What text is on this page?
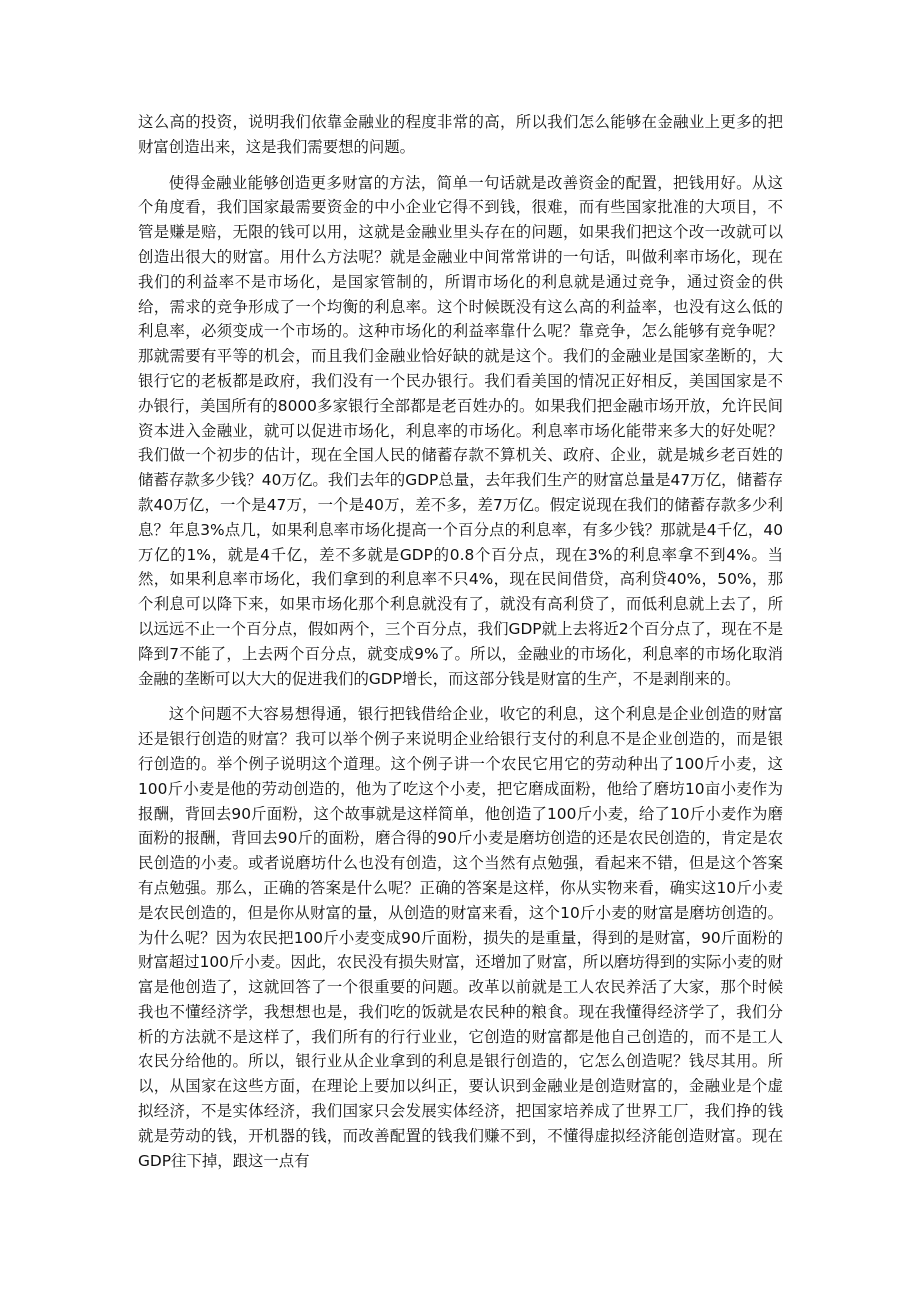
这么高的投资，说明我们依靠金融业的程度非常的高，所以我们怎么能够在金融业上更多的把财富创造出来，这是我们需要想的问题。

使得金融业能够创造更多财富的方法，简单一句话就是改善资金的配置，把钱用好。从这个角度看，我们国家最需要资金的中小企业它得不到钱，很难，而有些国家批准的大项目，不管是赚是赔，无限的钱可以用，这就是金融业里头存在的问题，如果我们把这个改一改就可以创造出很大的财富。用什么方法呢？就是金融业中间常常讲的一句话，叫做利率市场化，现在我们的利益率不是市场化，是国家管制的，所谓市场化的利息就是通过竞争，通过资金的供给，需求的竞争形成了一个均衡的利息率。这个时候既没有这么高的利益率，也没有这么低的利息率，必须变成一个市场的。这种市场化的利益率靠什么呢？靠竞争，怎么能够有竞争呢？那就需要有平等的机会，而且我们金融业恰好缺的就是这个。我们的金融业是国家垄断的，大银行它的老板都是政府，我们没有一个民办银行。我们看美国的情况正好相反，美国国家是不办银行，美国所有的8000多家银行全部都是老百姓办的。如果我们把金融市场开放，允许民间资本进入金融业，就可以促进市场化，利息率的市场化。利息率市场化能带来多大的好处呢？我们做一个初步的估计，现在全国人民的储蓄存款不算机关、政府、企业，就是城乡老百姓的储蓄存款多少钱？40万亿。我们去年的GDP总量，去年我们生产的财富总量是47万亿，储蓄存款40万亿，一个是47万，一个是40万，差不多，差7万亿。假定说现在我们的储蓄存款多少利息？年息3%点几，如果利息率市场化提高一个百分点的利息率，有多少钱？那就是4千亿，40万亿的1%，就是4千亿，差不多就是GDP的0.8个百分点，现在3%的利息率拿不到4%。当然，如果利息率市场化，我们拿到的利息率不只4%，现在民间借贷，高利贷40%，50%，那个利息可以降下来，如果市场化那个利息就没有了，就没有高利贷了，而低利息就上去了，所以远远不止一个百分点，假如两个，三个百分点，我们GDP就上去将近2个百分点了，现在不是降到7不能了，上去两个百分点，就变成9%了。所以，金融业的市场化，利息率的市场化取消金融的垄断可以大大的促进我们的GDP增长，而这部分钱是财富的生产，不是剥削来的。

这个问题不大容易想得通，银行把钱借给企业，收它的利息，这个利息是企业创造的财富还是银行创造的财富？我可以举个例子来说明企业给银行支付的利息不是企业创造的，而是银行创造的。举个例子说明这个道理。这个例子讲一个农民它用它的劳动种出了100斤小麦，这100斤小麦是他的劳动创造的，他为了吃这个小麦，把它磨成面粉，他给了磨坊10亩小麦作为报酬，背回去90斤面粉，这个故事就是这样简单，他创造了100斤小麦，给了10斤小麦作为磨面粉的报酬，背回去90斤的面粉，磨合得的90斤小麦是磨坊创造的还是农民创造的，肯定是农民创造的小麦。或者说磨坊什么也没有创造，这个当然有点勉强，看起来不错，但是这个答案有点勉强。那么，正确的答案是什么呢？正确的答案是这样，你从实物来看，确实这10斤小麦是农民创造的，但是你从财富的量，从创造的财富来看，这个10斤小麦的财富是磨坊创造的。为什么呢？因为农民把100斤小麦变成90斤面粉，损失的是重量，得到的是财富，90斤面粉的财富超过100斤小麦。因此，农民没有损失财富，还增加了财富，所以磨坊得到的实际小麦的财富是他创造了，这就回答了一个很重要的问题。改革以前就是工人农民养活了大家，那个时候我也不懂经济学，我想想也是，我们吃的饭就是农民种的粮食。现在我懂得经济学了，我们分析的方法就不是这样了，我们所有的行行业业，它创造的财富都是他自己创造的，而不是工人农民分给他的。所以，银行业从企业拿到的利息是银行创造的，它怎么创造呢？钱尽其用。所以，从国家在这些方面，在理论上要加以纠正，要认识到金融业是创造财富的，金融业是个虚拟经济，不是实体经济，我们国家只会发展实体经济，把国家培养成了世界工厂，我们挣的钱就是劳动的钱，开机器的钱，而改善配置的钱我们赚不到，不懂得虚拟经济能创造财富。现在GDP往下掉，跟这一点有
